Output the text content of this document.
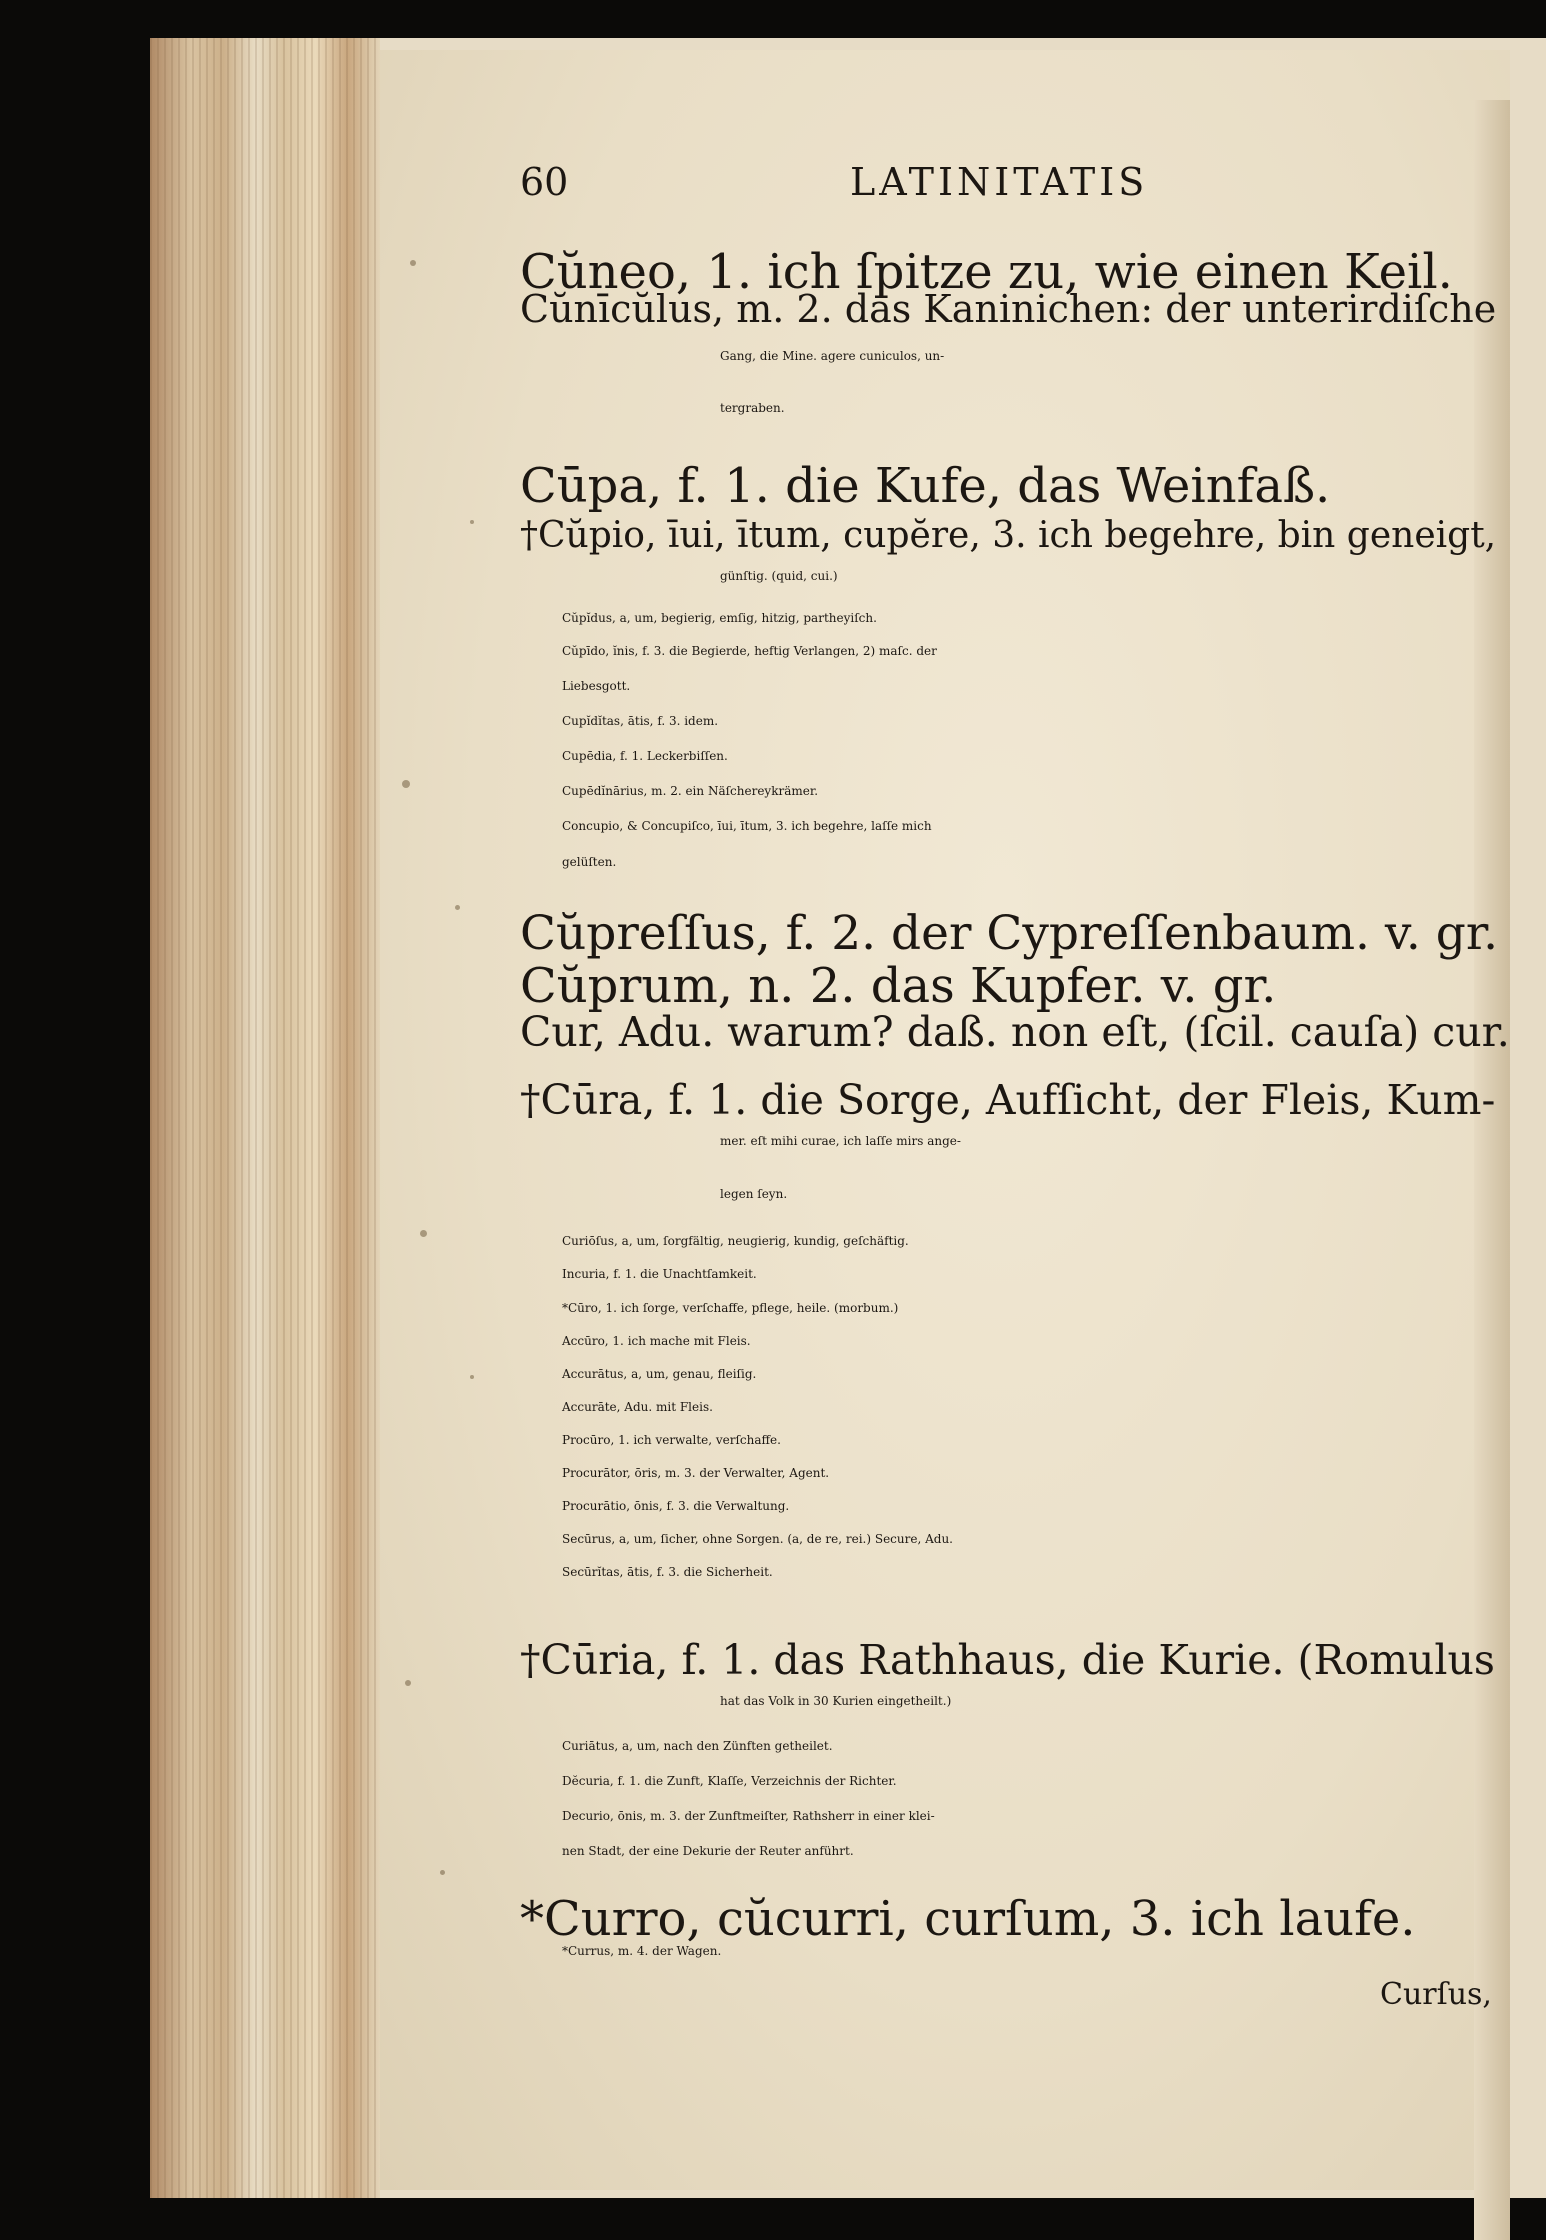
60	LATINITATIS
Cŭneo, 1. ich ſpitze zu, wie einen Keil.
Cŭnīcŭlus, m. 2. das Kaninichen: der unterirdiſche
Gang, die Mine. agere cuniculos, un-
tergraben.
Cūpa, f. 1. die Kufe, das Weinfaß.
†Cŭpio, īui, ītum, cupĕre, 3. ich begehre, bin geneigt,
günſtig. (quid, cui.)
Cŭpĭdus, a, um, begierig, emſig, hitzig, partheyiſch.
Cŭpīdo, ĭnis, f. 3. die Begierde, heftig Verlangen, 2) maſc. der
Liebesgott.
Cupĭdĭtas, ātis, f. 3. idem.
Cupēdia, f. 1. Leckerbiſſen.
Cupēdĭnārius, m. 2. ein Näſchereykrämer.
Concupio, & Concupiſco, īui, ītum, 3. ich begehre, laſſe mich
gelüſten.
Cŭpreſſus, f. 2. der Cypreſſenbaum. v. gr.
Cŭprum, n. 2. das Kupfer. v. gr.
Cur, Adu. warum? daß. non eſt, (ſcil. cauſa) cur.
†Cūra, f. 1. die Sorge, Aufſicht, der Fleis, Kum-
mer. eſt mihi curae, ich laſſe mirs ange-
legen ſeyn.
Curiōſus, a, um, ſorgfältig, neugierig, kundig, geſchäftig.
Incuria, f. 1. die Unachtſamkeit.
*Cūro, 1. ich ſorge, verſchaffe, pflege, heile. (morbum.)
Accūro, 1. ich mache mit Fleis.
Accurātus, a, um, genau, fleiſig.
Accurāte, Adu. mit Fleis.
Procūro, 1. ich verwalte, verſchaffe.
Procurātor, ōris, m. 3. der Verwalter, Agent.
Procurātio, ōnis, f. 3. die Verwaltung.
Secūrus, a, um, ſicher, ohne Sorgen. (a, de re, rei.) Secure, Adu.
Secūrĭtas, ātis, f. 3. die Sicherheit.
†Cūria, f. 1. das Rathhaus, die Kurie. (Romulus
hat das Volk in 30 Kurien eingetheilt.)
Curiātus, a, um, nach den Zünften getheilet.
Dĕcuria, f. 1. die Zunft, Klaſſe, Verzeichnis der Richter.
Decurio, ōnis, m. 3. der Zunftmeiſter, Rathsherr in einer klei-
nen Stadt, der eine Dekurie der Reuter anführt.
*Curro, cŭcurri, curſum, 3. ich laufe.
*Currus, m. 4. der Wagen.
Curſus,
